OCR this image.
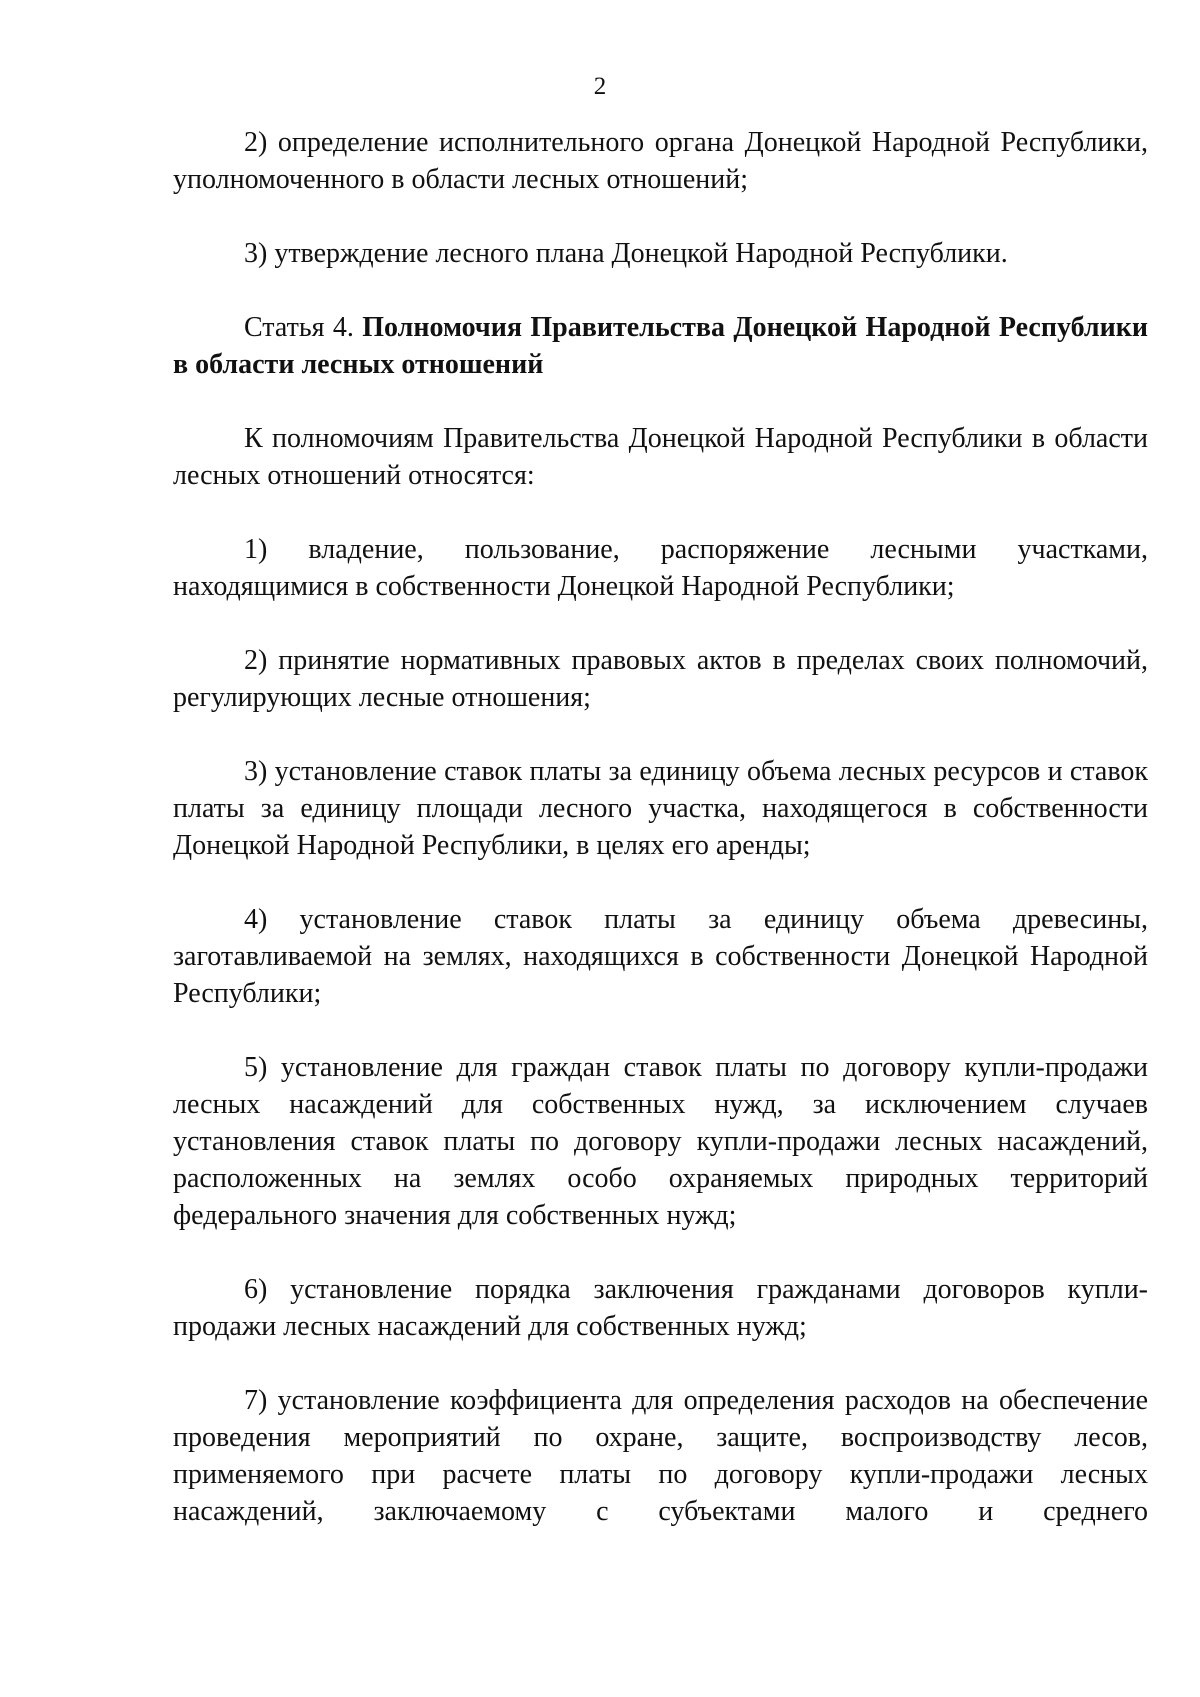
2

2) определение исполнительного органа Донецкой Народной Республики, уполномоченного в области лесных отношений;

3) утверждение лесного плана Донецкой Народной Республики.

Статья 4. Полномочия Правительства Донецкой Народной Республики в области лесных отношений

К полномочиям Правительства Донецкой Народной Республики в области лесных отношений относятся:

1) владение, пользование, распоряжение лесными участками, находящимися в собственности Донецкой Народной Республики;

2) принятие нормативных правовых актов в пределах своих полномочий, регулирующих лесные отношения;

3) установление ставок платы за единицу объема лесных ресурсов и ставок платы за единицу площади лесного участка, находящегося в собственности Донецкой Народной Республики, в целях его аренды;

4) установление ставок платы за единицу объема древесины, заготавливаемой на землях, находящихся в собственности Донецкой Народной Республики;

5) установление для граждан ставок платы по договору купли-продажи лесных насаждений для собственных нужд, за исключением случаев установления ставок платы по договору купли-продажи лесных насаждений, расположенных на землях особо охраняемых природных территорий федерального значения для собственных нужд;

6) установление порядка заключения гражданами договоров купли-продажи лесных насаждений для собственных нужд;

7) установление коэффициента для определения расходов на обеспечение проведения мероприятий по охране, защите, воспроизводству лесов, применяемого при расчете платы по договору купли-продажи лесных насаждений, заключаемому с субъектами малого и среднего
